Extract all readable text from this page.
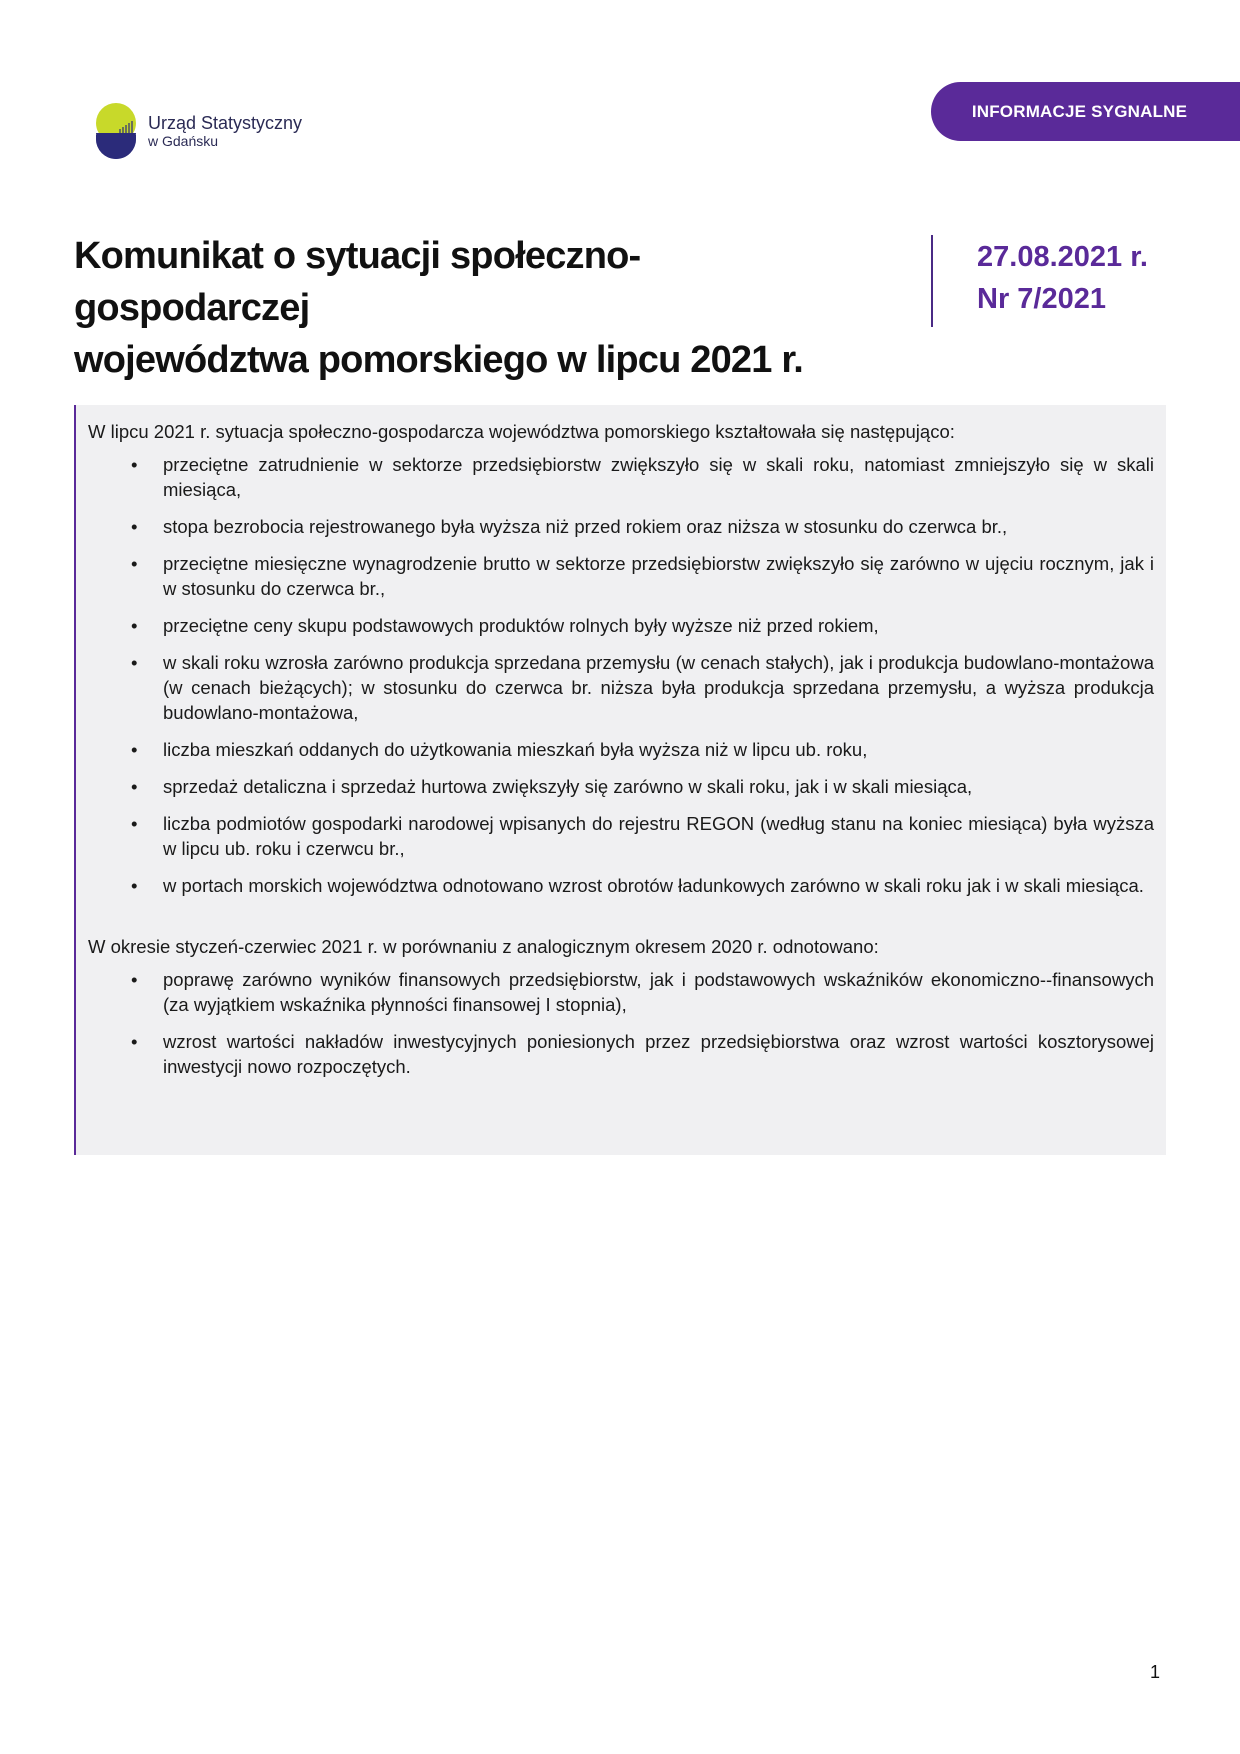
Urząd Statystyczny
w Gdańsku
INFORMACJE SYGNALNE
Komunikat o sytuacji społeczno-gospodarczej
województwa pomorskiego w lipcu 2021 r.
27.08.2021 r.
Nr 7/2021

W lipcu 2021 r. sytuacja społeczno-gospodarcza województwa pomorskiego kształtowała się następująco:

• przeciętne zatrudnienie w sektorze przedsiębiorstw zwiększyło się w skali roku, natomiast zmniejszyło się w skali miesiąca,
• stopa bezrobocia rejestrowanego była wyższa niż przed rokiem oraz niższa w stosunku do czerwca br.,
• przeciętne miesięczne wynagrodzenie brutto w sektorze przedsiębiorstw zwiększyło się zarówno w ujęciu rocznym, jak i w stosunku do czerwca br.,
• przeciętne ceny skupu podstawowych produktów rolnych były wyższe niż przed rokiem,
• w skali roku wzrosła zarówno produkcja sprzedana przemysłu (w cenach stałych), jak i produkcja budowlano-montażowa (w cenach bieżących); w stosunku do czerwca br. niższa była produkcja sprzedana przemysłu, a wyższa produkcja budowlano-montażowa,
• liczba mieszkań oddanych do użytkowania mieszkań była wyższa niż w lipcu ub. roku,
• sprzedaż detaliczna i sprzedaż hurtowa zwiększyły się zarówno w skali roku, jak i w skali miesiąca,
• liczba podmiotów gospodarki narodowej wpisanych do rejestru REGON (według stanu na koniec miesiąca) była wyższa w lipcu ub. roku i czerwcu br.,
• w portach morskich województwa odnotowano wzrost obrotów ładunkowych zarówno w skali roku jak i w skali miesiąca.

W okresie styczeń-czerwiec 2021 r. w porównaniu z analogicznym okresem 2020 r. odnotowano:

• poprawę zarówno wyników finansowych przedsiębiorstw, jak i podstawowych wskaźników ekonomiczno--finansowych (za wyjątkiem wskaźnika płynności finansowej I stopnia),
• wzrost wartości nakładów inwestycyjnych poniesionych przez przedsiębiorstwa oraz wzrost wartości kosztorysowej inwestycji nowo rozpoczętych.
1
